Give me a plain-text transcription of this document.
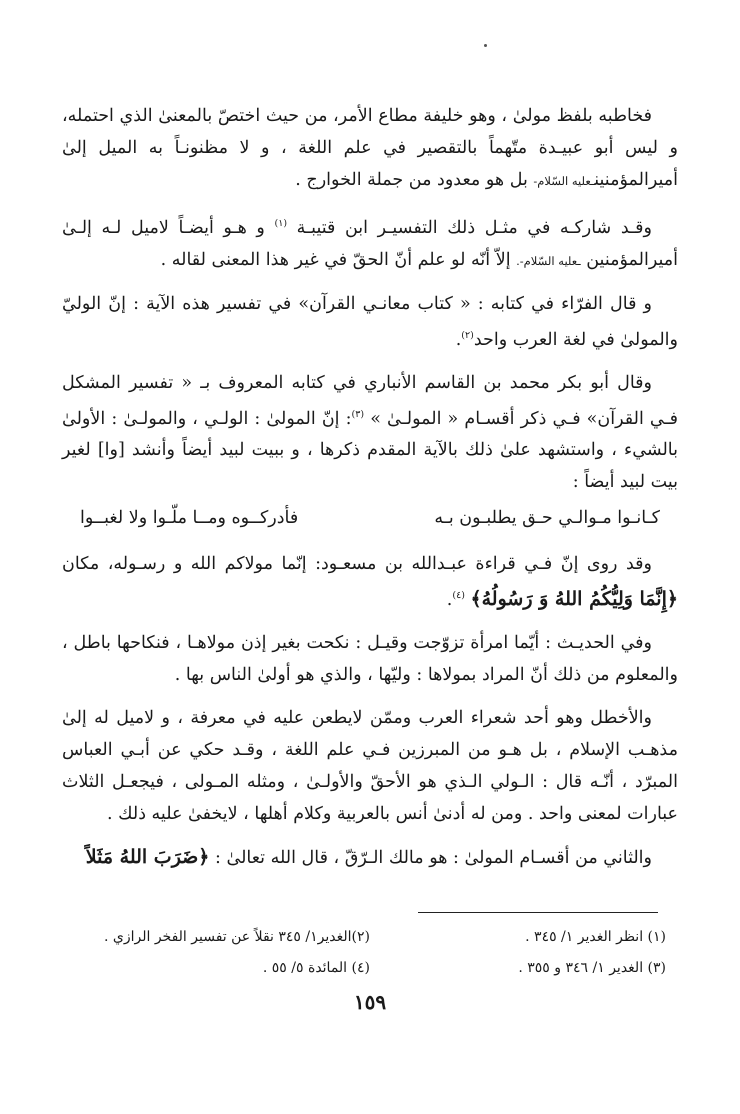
فخاطبه بلفظ مولىٰ ، وهو خليفة مطاع الأمر، من حيث اختصّ بالمعنىٰ الذي احتمله، و ليس أبو عبيـدة متّهماً بالتقصير في علم اللغة ، و لا مظنونـاً به الميل إلىٰ أميرالمؤمنينـعليه السّلام- بل هو معدود من جملة الخوارج .

وقـد شاركـه في مثـل ذلك التفسيـر ابن قتيبـة $^{(١)}$ و هـو أيضـاً لاميل لـه إلـىٰ أميرالمؤمنين ـعليه السّلام-. إلاّ أنّه لو علم أنّ الحقّ في غير هذا المعنى لقاله .

و قال الفرّاء في كتابه : « كتاب معانـي القرآن» في تفسير هذه الآية : إنّ الوليّ والمولىٰ في لغة العرب واحد$^{(٢)}$.

وقال أبو بكر محمد بن القاسم الأنباري في كتابه المعروف بـ « تفسير المشكل فـي القرآن» فـي ذكر أقسـام « المولـىٰ » $^{(٣)}$: إنّ المولىٰ : الولـي ، والمولـىٰ : الأولىٰ بالشيء ، واستشهد علىٰ ذلك بالآية المقدم ذكرها ، و ببيت لبيد أيضاً وأنشد [وا] لغير بيت لبيد أيضاً :

كـانـوا مـوالـي حـق يطلبـون بـه
فأدركــوه ومــا ملّـوا ولا لغبــوا

وقد روى إنّ فـي قراءة عبـدالله بن مسعـود: إنّما مولاكم الله و رسـوله، مكان ﴿إِنَّمَا وَلِيُّكُمُ اللهُ وَ رَسُولُهُ﴾ $^{(٤)}$.

وفي الحديـث : أيّما امرأة تزوّجت وقيـل : نكحت بغير إذن مولاهـا ، فنكاحها باطل ، والمعلوم من ذلك أنّ المراد بمولاها : وليّها ، والذي هو أولىٰ الناس بها .

والأخطل وهو أحد شعراء العرب وممّن لايطعن عليه في معرفة ، و لاميل له إلىٰ مذهـب الإسلام ، بل هـو من المبرزين فـي علم اللغة ، وقـد حكي عن أبـي العباس المبرّد ، أنّـه قال : الـولي الـذي هو الأحقّ والأولـىٰ ، ومثله المـولى ، فيجعـل الثلاث عبارات لمعنى واحد . ومن له أدنىٰ أنس بالعربية وكلام أهلها ، لايخفىٰ عليه ذلك .

والثاني من أقسـام المولىٰ : هو مالك الـرّقّ ، قال الله تعالىٰ : ﴿ضَرَبَ اللهُ مَثَلاً

(١) انظر الغدير ١/ ٣٤٥ .
(٢)الغدير١/ ٣٤٥ نقلاً عن تفسير الفخر الرازي .
(٣) الغدير ١/ ٣٤٦ و ٣٥٥ .
(٤) المائدة ٥/ ٥٥ .
١٥٩
